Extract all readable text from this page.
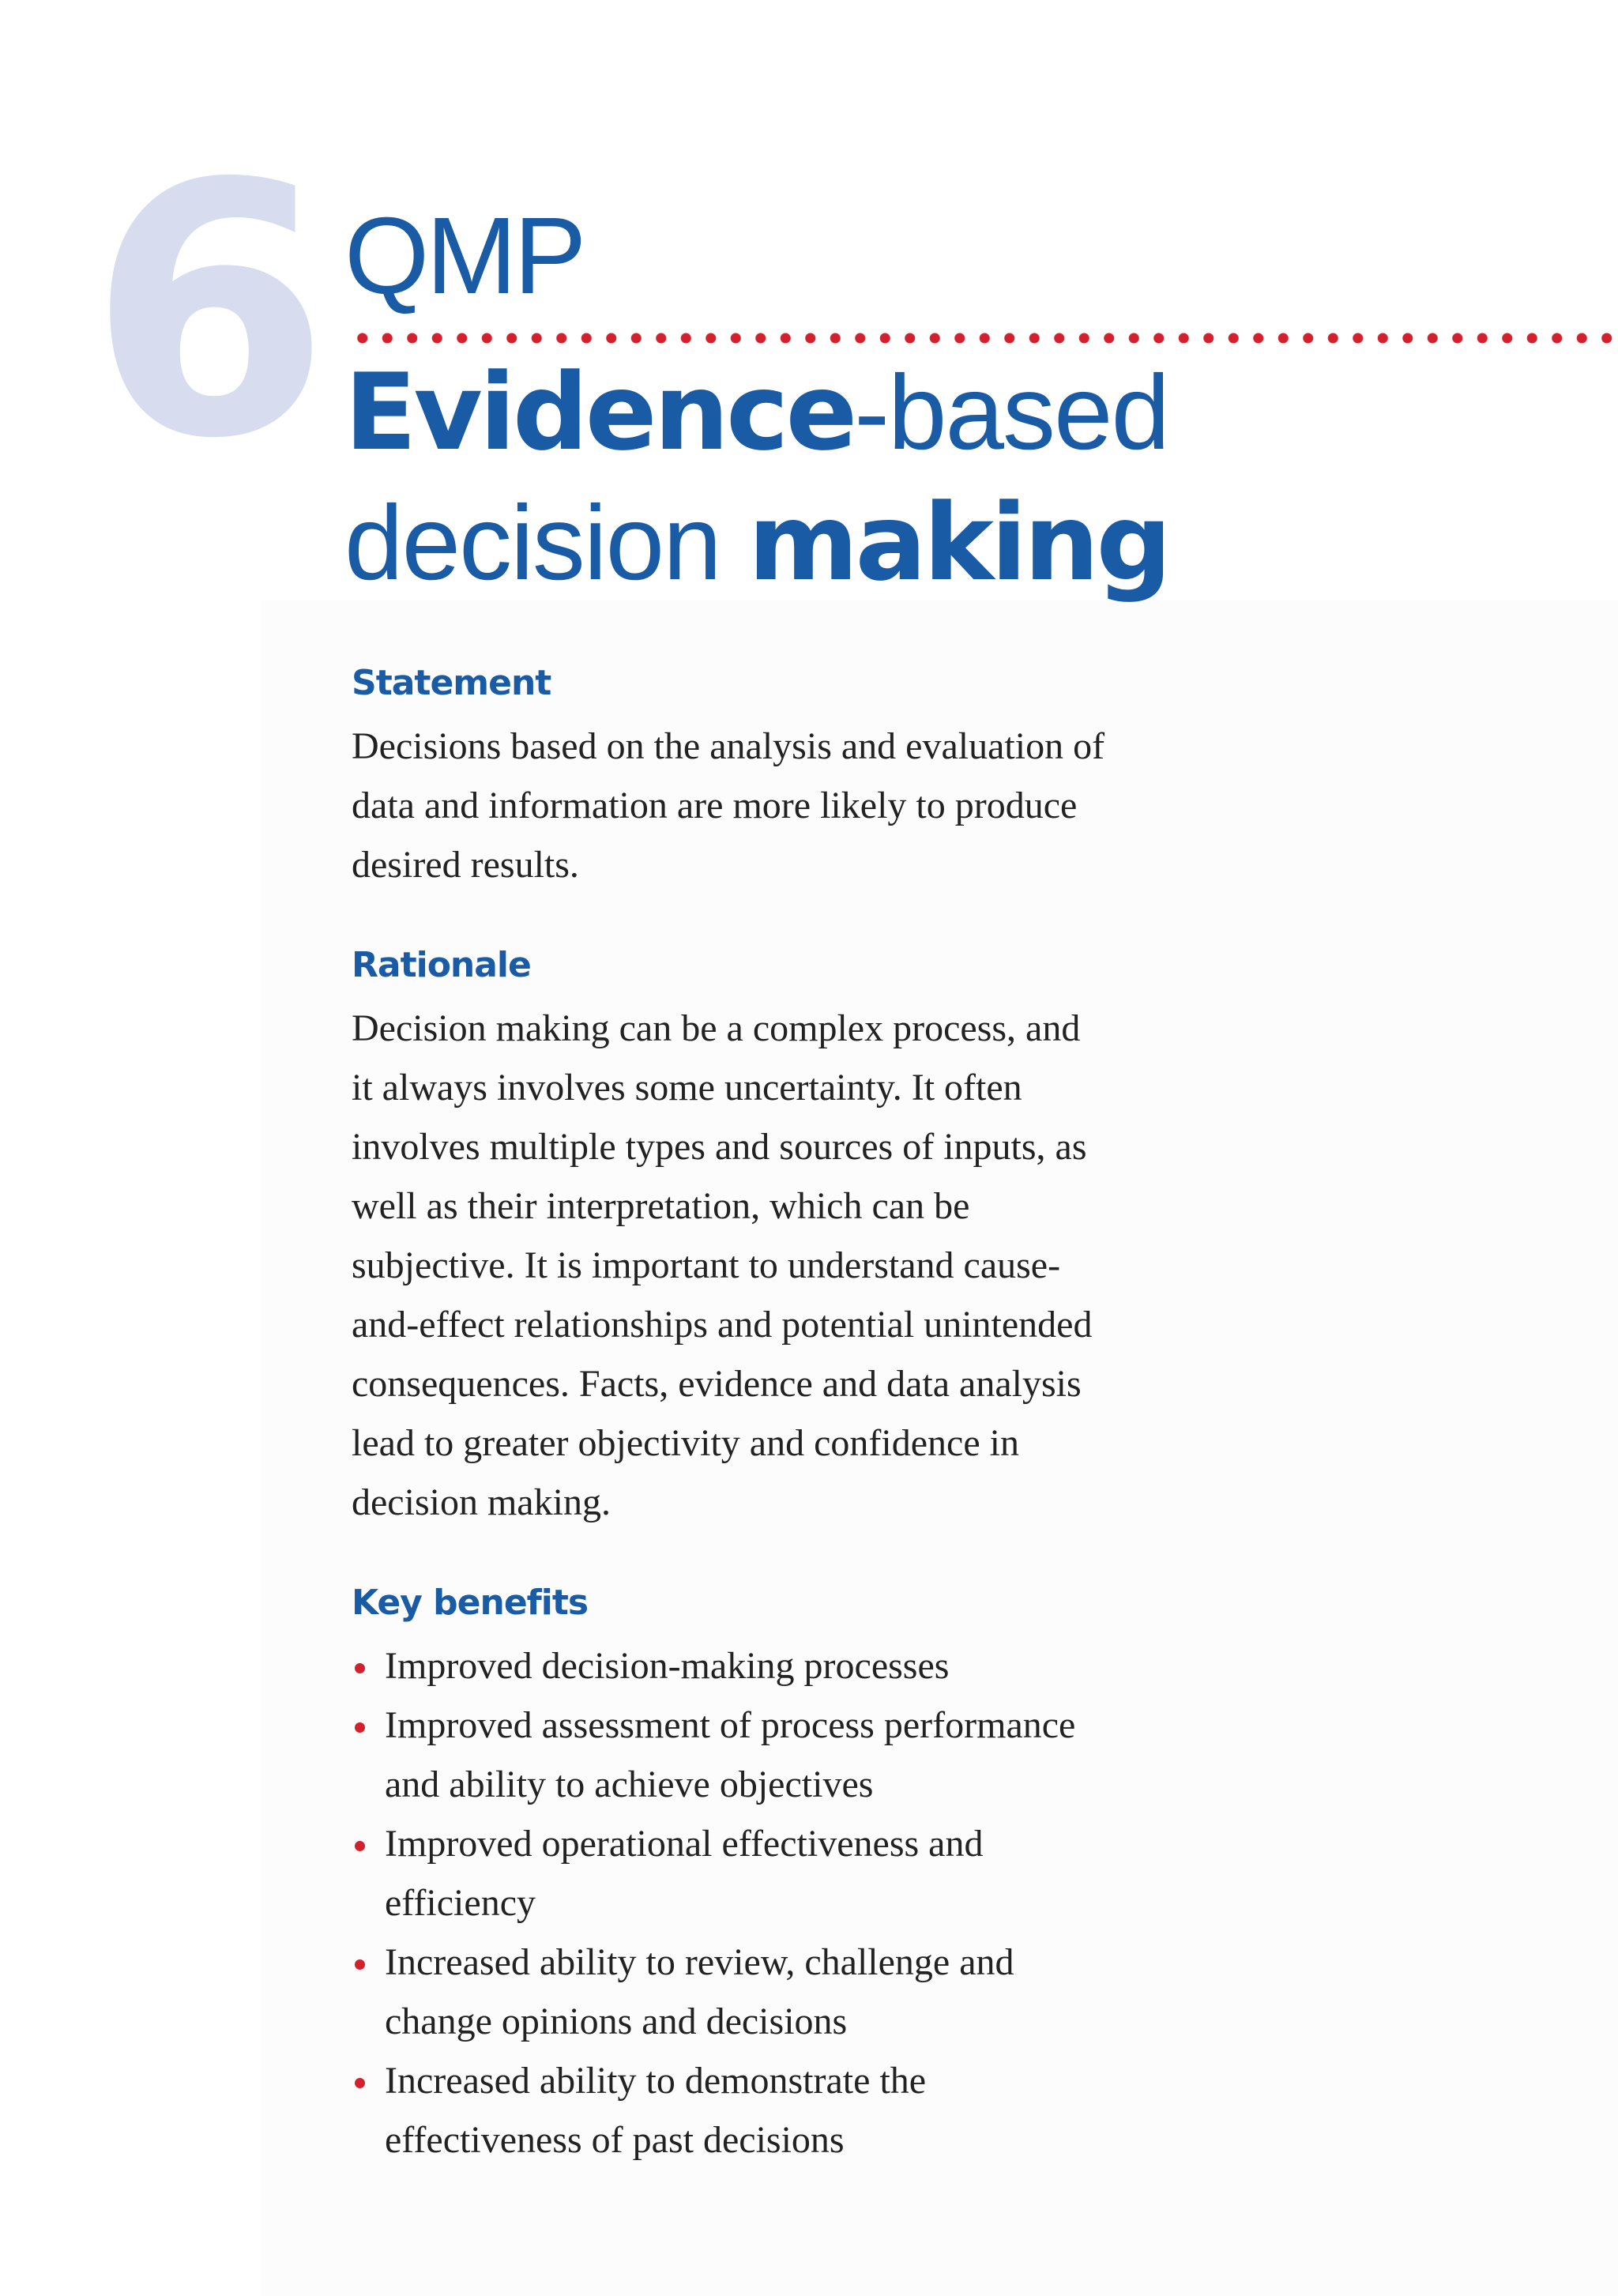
6 QMP
Evidence-based
decision making
Statement

Decisions based on the analysis and evaluation of data and information are more likely to produce desired results.

Rationale

Decision making can be a complex process, and it always involves some uncertainty. It often involves multiple types and sources of inputs, as well as their interpretation, which can be subjective. It is important to understand cause-and-effect relationships and potential unintended consequences. Facts, evidence and data analysis lead to greater objectivity and confidence in decision making.

Key benefits
Improved decision-making processes
Improved assessment of process performance and ability to achieve objectives
Improved operational effectiveness and efficiency
Increased ability to review, challenge and change opinions and decisions
Increased ability to demonstrate the effectiveness of past decisions
